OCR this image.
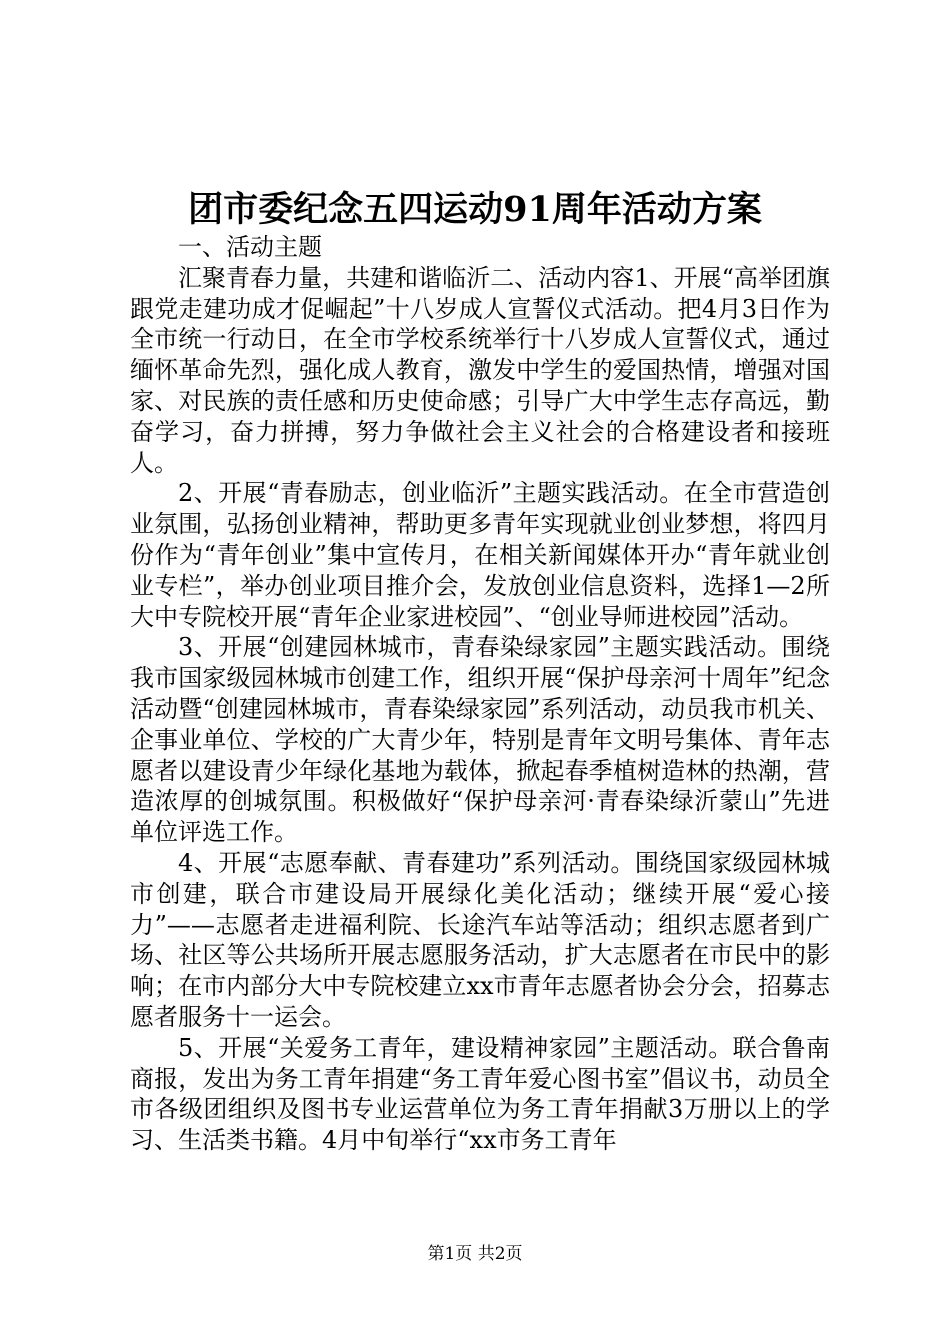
团市委纪念五四运动91周年活动方案

一、活动主题

汇聚青春力量，共建和谐临沂二、活动内容1、开展“高举团旗跟党走建功成才促崛起”十八岁成人宣誓仪式活动。把4月3日作为全市统一行动日，在全市学校系统举行十八岁成人宣誓仪式，通过缅怀革命先烈，强化成人教育，激发中学生的爱国热情，增强对国家、对民族的责任感和历史使命感；引导广大中学生志存高远，勤奋学习，奋力拼搏，努力争做社会主义社会的合格建设者和接班人。

2、开展“青春励志，创业临沂”主题实践活动。在全市营造创业氛围，弘扬创业精神，帮助更多青年实现就业创业梦想，将四月份作为“青年创业”集中宣传月，在相关新闻媒体开办“青年就业创业专栏”，举办创业项目推介会，发放创业信息资料，选择1—2所大中专院校开展“青年企业家进校园”、“创业导师进校园”活动。

3、开展“创建园林城市，青春染绿家园”主题实践活动。围绕我市国家级园林城市创建工作，组织开展“保护母亲河十周年”纪念活动暨“创建园林城市，青春染绿家园”系列活动，动员我市机关、企事业单位、学校的广大青少年，特别是青年文明号集体、青年志愿者以建设青少年绿化基地为载体，掀起春季植树造林的热潮，营造浓厚的创城氛围。积极做好“保护母亲河·青春染绿沂蒙山”先进单位评选工作。

4、开展“志愿奉献、青春建功”系列活动。围绕国家级园林城市创建，联合市建设局开展绿化美化活动；继续开展“爱心接力”——志愿者走进福利院、长途汽车站等活动；组织志愿者到广场、社区等公共场所开展志愿服务活动，扩大志愿者在市民中的影响；在市内部分大中专院校建立xx市青年志愿者协会分会，招募志愿者服务十一运会。

5、开展“关爱务工青年，建设精神家园”主题活动。联合鲁南商报，发出为务工青年捐建“务工青年爱心图书室”倡议书，动员全市各级团组织及图书专业运营单位为务工青年捐献3万册以上的学习、生活类书籍。4月中旬举行“xx市务工青年

第1页 共2页
